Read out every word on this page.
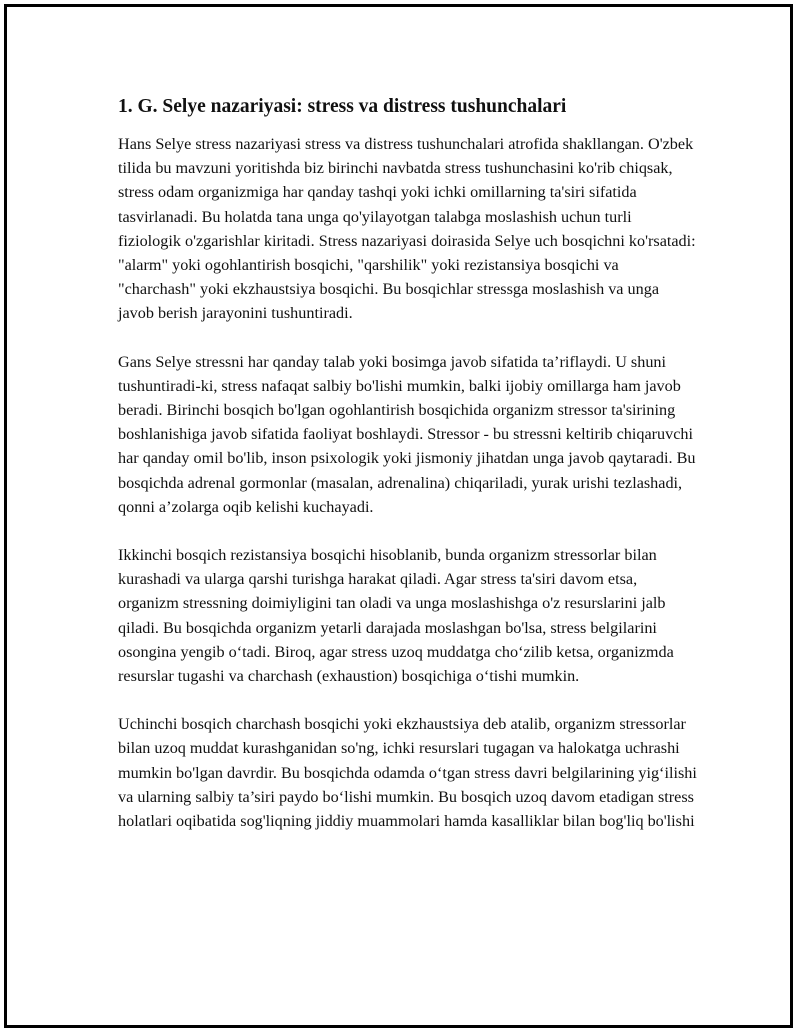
1. G. Selye nazariyasi: stress va distress tushunchalari

Hans Selye stress nazariyasi stress va distress tushunchalari atrofida shakllangan. O'zbek tilida bu mavzuni yoritishda biz birinchi navbatda stress tushunchasini ko'rib chiqsak, stress odam organizmiga har qanday tashqi yoki ichki omillarning ta'siri sifatida tasvirlanadi. Bu holatda tana unga qo'yilayotgan talabga moslashish uchun turli fiziologik o'zgarishlar kiritadi. Stress nazariyasi doirasida Selye uch bosqichni ko'rsatadi: "alarm" yoki ogohlantirish bosqichi, "qarshilik" yoki rezistansiya bosqichi va "charchash" yoki ekzhaustsiya bosqichi. Bu bosqichlar stressga moslashish va unga javob berish jarayonini tushuntiradi.

Gans Selye stressni har qanday talab yoki bosimga javob sifatida ta’riflaydi. U shuni tushuntiradi-ki, stress nafaqat salbiy bo'lishi mumkin, balki ijobiy omillarga ham javob beradi. Birinchi bosqich bo'lgan ogohlantirish bosqichida organizm stressor ta'sirining boshlanishiga javob sifatida faoliyat boshlaydi. Stressor - bu stressni keltirib chiqaruvchi har qanday omil bo'lib, inson psixologik yoki jismoniy jihatdan unga javob qaytaradi. Bu bosqichda adrenal gormonlar (masalan, adrenalina) chiqariladi, yurak urishi tezlashadi, qonni a’zolarga oqib kelishi kuchayadi.

Ikkinchi bosqich rezistansiya bosqichi hisoblanib, bunda organizm stressorlar bilan kurashadi va ularga qarshi turishga harakat qiladi. Agar stress ta'siri davom etsa, organizm stressning doimiyligini tan oladi va unga moslashishga o'z resurslarini jalb qiladi. Bu bosqichda organizm yetarli darajada moslashgan bo'lsa, stress belgilarini osongina yengib o‘tadi. Biroq, agar stress uzoq muddatga cho‘zilib ketsa, organizmda resurslar tugashi va charchash (exhaustion) bosqichiga o‘tishi mumkin.

Uchinchi bosqich charchash bosqichi yoki ekzhaustsiya deb atalib, organizm stressorlar bilan uzoq muddat kurashganidan so'ng, ichki resurslari tugagan va halokatga uchrashi mumkin bo'lgan davrdir. Bu bosqichda odamda o‘tgan stress davri belgilarining yig‘ilishi va ularning salbiy ta’siri paydo bo‘lishi mumkin. Bu bosqich uzoq davom etadigan stress holatlari oqibatida sog'liqning jiddiy muammolari hamda kasalliklar bilan bog'liq bo'lishi
